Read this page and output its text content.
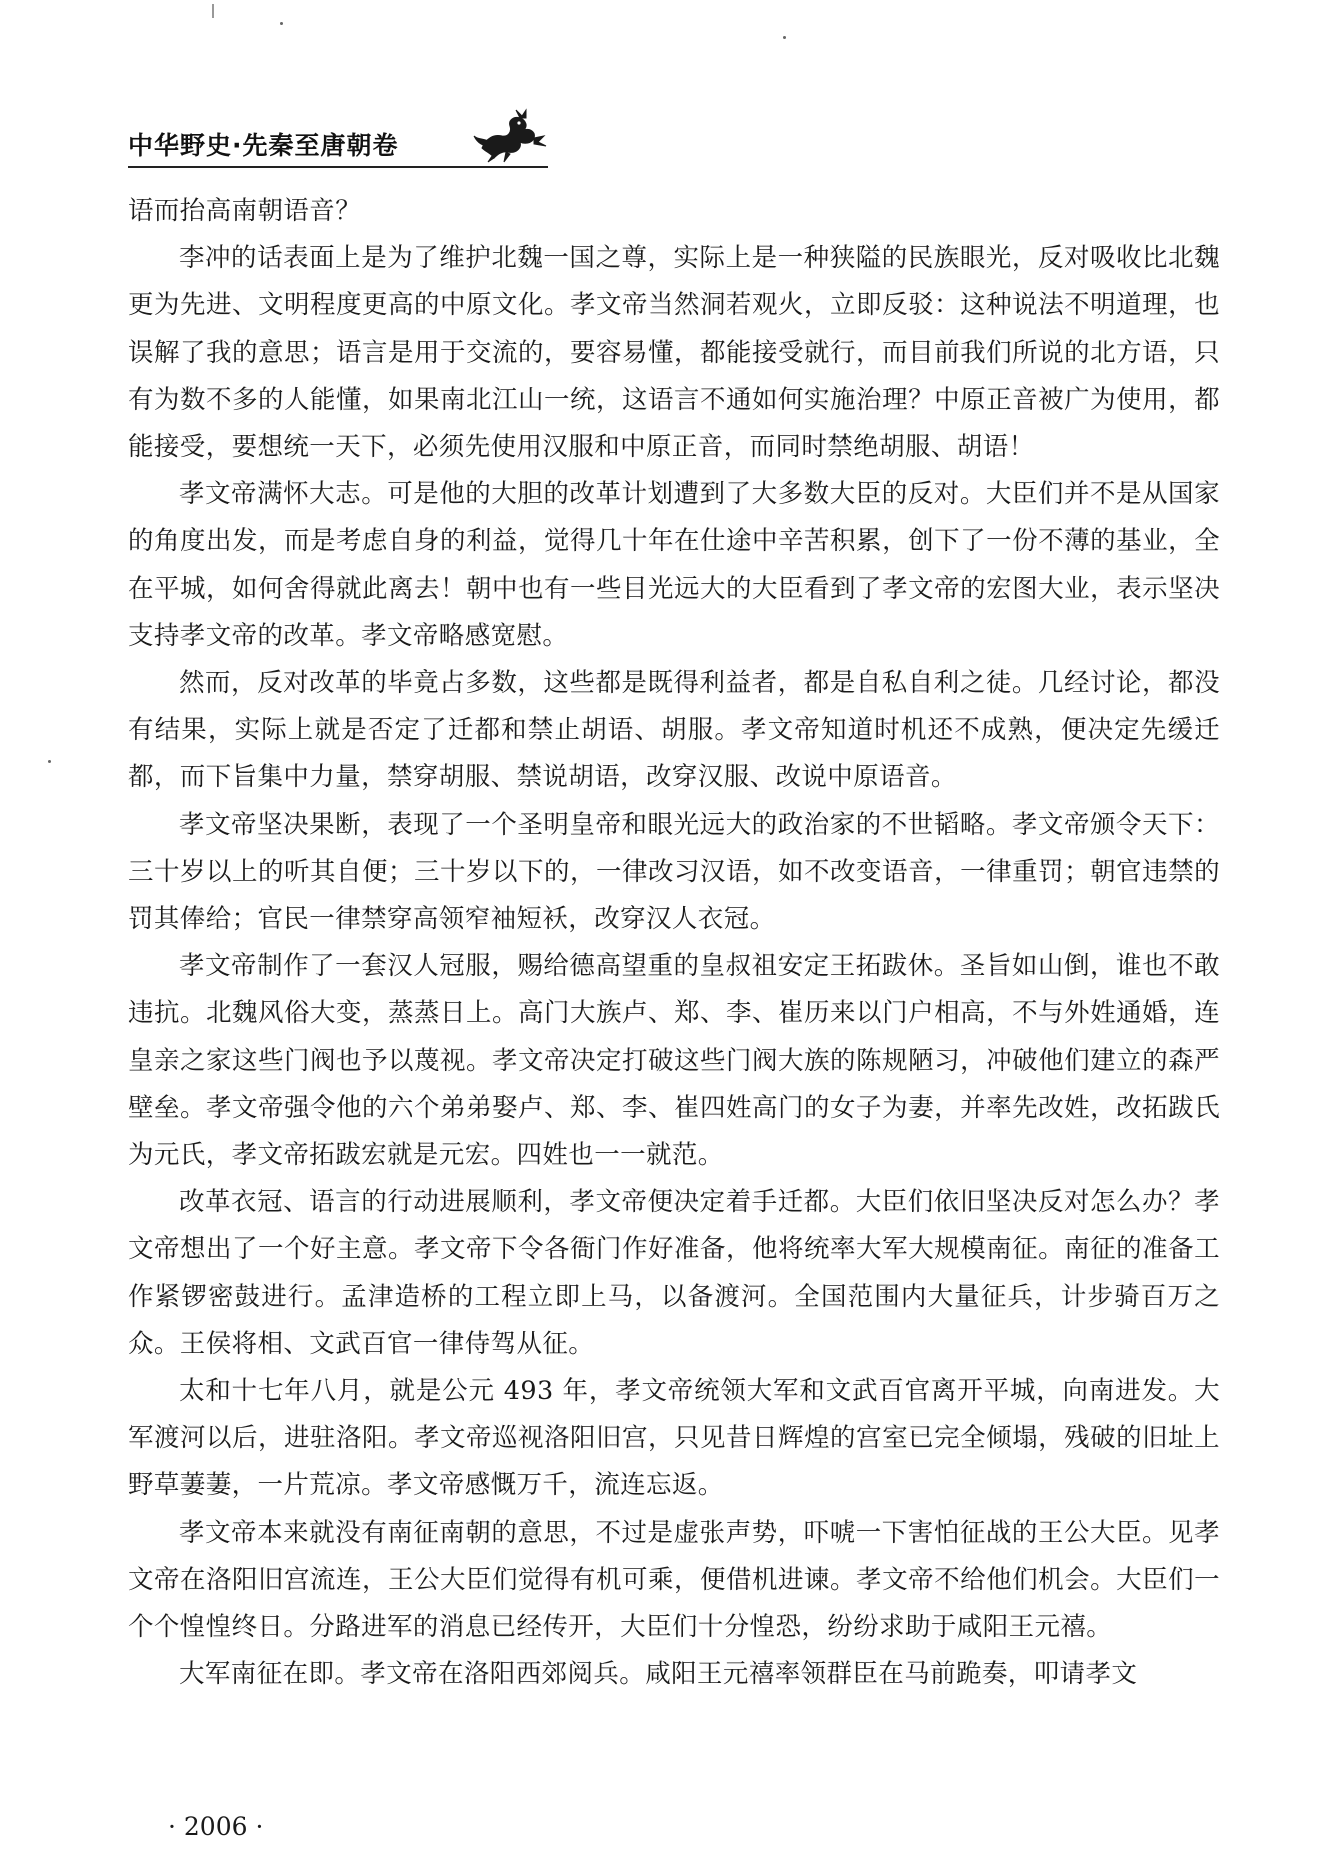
中华野史·先秦至唐朝卷

语而抬高南朝语音？

李冲的话表面上是为了维护北魏一国之尊，实际上是一种狭隘的民族眼光，反对吸收比北魏更为先进、文明程度更高的中原文化。孝文帝当然洞若观火，立即反驳：这种说法不明道理，也误解了我的意思；语言是用于交流的，要容易懂，都能接受就行，而目前我们所说的北方语，只有为数不多的人能懂，如果南北江山一统，这语言不通如何实施治理？中原正音被广为使用，都能接受，要想统一天下，必须先使用汉服和中原正音，而同时禁绝胡服、胡语！

孝文帝满怀大志。可是他的大胆的改革计划遭到了大多数大臣的反对。大臣们并不是从国家的角度出发，而是考虑自身的利益，觉得几十年在仕途中辛苦积累，创下了一份不薄的基业，全在平城，如何舍得就此离去！朝中也有一些目光远大的大臣看到了孝文帝的宏图大业，表示坚决支持孝文帝的改革。孝文帝略感宽慰。

然而，反对改革的毕竟占多数，这些都是既得利益者，都是自私自利之徒。几经讨论，都没有结果，实际上就是否定了迁都和禁止胡语、胡服。孝文帝知道时机还不成熟，便决定先缓迁都，而下旨集中力量，禁穿胡服、禁说胡语，改穿汉服、改说中原语音。

孝文帝坚决果断，表现了一个圣明皇帝和眼光远大的政治家的不世韬略。孝文帝颁令天下：三十岁以上的听其自便；三十岁以下的，一律改习汉语，如不改变语音，一律重罚；朝官违禁的罚其俸给；官民一律禁穿高领窄袖短袄，改穿汉人衣冠。

孝文帝制作了一套汉人冠服，赐给德高望重的皇叔祖安定王拓跋休。圣旨如山倒，谁也不敢违抗。北魏风俗大变，蒸蒸日上。高门大族卢、郑、李、崔历来以门户相高，不与外姓通婚，连皇亲之家这些门阀也予以蔑视。孝文帝决定打破这些门阀大族的陈规陋习，冲破他们建立的森严壁垒。孝文帝强令他的六个弟弟娶卢、郑、李、崔四姓高门的女子为妻，并率先改姓，改拓跋氏为元氏，孝文帝拓跋宏就是元宏。四姓也一一就范。

改革衣冠、语言的行动进展顺利，孝文帝便决定着手迁都。大臣们依旧坚决反对怎么办？孝文帝想出了一个好主意。孝文帝下令各衙门作好准备，他将统率大军大规模南征。南征的准备工作紧锣密鼓进行。孟津造桥的工程立即上马，以备渡河。全国范围内大量征兵，计步骑百万之众。王侯将相、文武百官一律侍驾从征。

太和十七年八月，就是公元 493 年，孝文帝统领大军和文武百官离开平城，向南进发。大军渡河以后，进驻洛阳。孝文帝巡视洛阳旧宫，只见昔日辉煌的宫室已完全倾塌，残破的旧址上野草萋萋，一片荒凉。孝文帝感慨万千，流连忘返。

孝文帝本来就没有南征南朝的意思，不过是虚张声势，吓唬一下害怕征战的王公大臣。见孝文帝在洛阳旧宫流连，王公大臣们觉得有机可乘，便借机进谏。孝文帝不给他们机会。大臣们一个个惶惶终日。分路进军的消息已经传开，大臣们十分惶恐，纷纷求助于咸阳王元禧。

大军南征在即。孝文帝在洛阳西郊阅兵。咸阳王元禧率领群臣在马前跪奏，叩请孝文

· 2006 ·
